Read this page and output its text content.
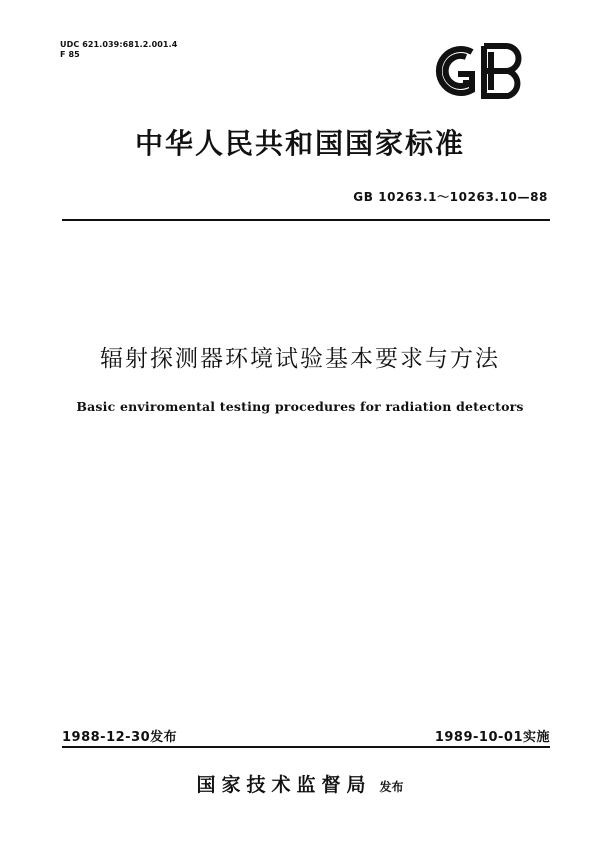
UDC 621.039:681.2.001.4
F 85
中华人民共和国国家标准
GB 10263.1～10263.10—88
辐射探测器环境试验基本要求与方法
Basic enviromental testing procedures for radiation detectors
1988-12-30发布	1989-10-01实施
国家技术监督局 发布
